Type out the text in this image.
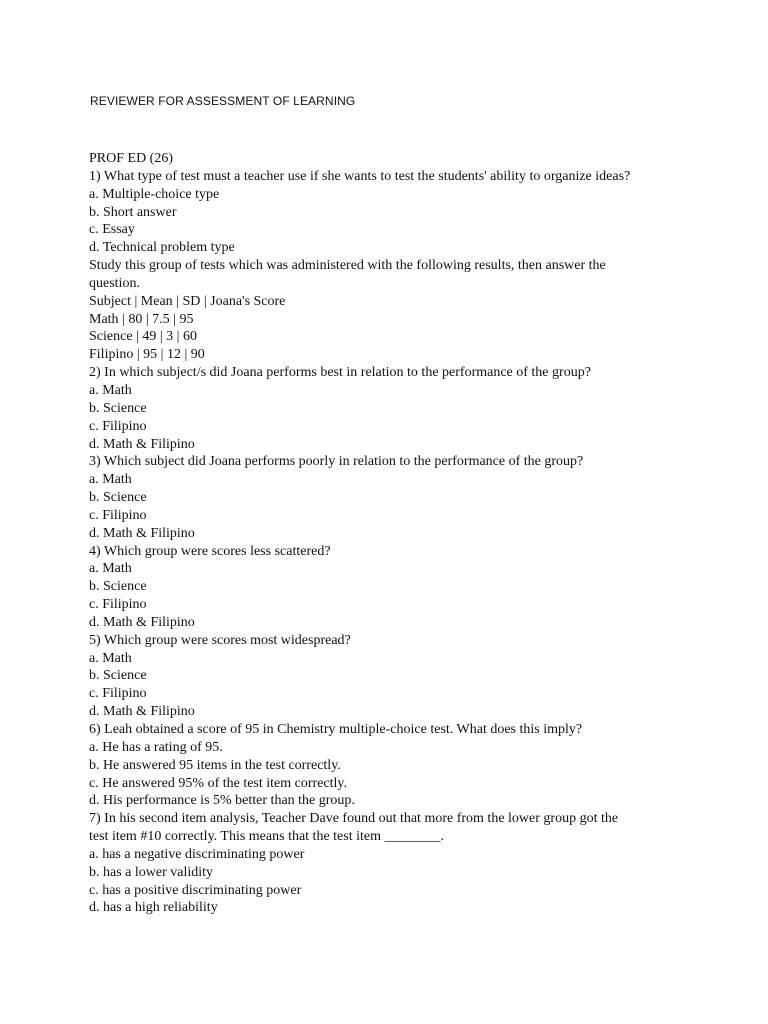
REVIEWER FOR ASSESSMENT OF LEARNING
PROF ED (26)
1) What type of test must a teacher use if she wants to test the students' ability to organize ideas?
a. Multiple-choice type
b. Short answer
c. Essay
d. Technical problem type
Study this group of tests which was administered with the following results, then answer the
question.
Subject | Mean | SD | Joana's Score
Math | 80 | 7.5 | 95
Science | 49 | 3 | 60
Filipino | 95 | 12 | 90
2) In which subject/s did Joana performs best in relation to the performance of the group?
a. Math
b. Science
c. Filipino
d. Math & Filipino
3) Which subject did Joana performs poorly in relation to the performance of the group?
a. Math
b. Science
c. Filipino
d. Math & Filipino
4) Which group were scores less scattered?
a. Math
b. Science
c. Filipino
d. Math & Filipino
5) Which group were scores most widespread?
a. Math
b. Science
c. Filipino
d. Math & Filipino
6) Leah obtained a score of 95 in Chemistry multiple-choice test. What does this imply?
a. He has a rating of 95.
b. He answered 95 items in the test correctly.
c. He answered 95% of the test item correctly.
d. His performance is 5% better than the group.
7) In his second item analysis, Teacher Dave found out that more from the lower group got the
test item #10 correctly. This means that the test item ________.
a. has a negative discriminating power
b. has a lower validity
c. has a positive discriminating power
d. has a high reliability
